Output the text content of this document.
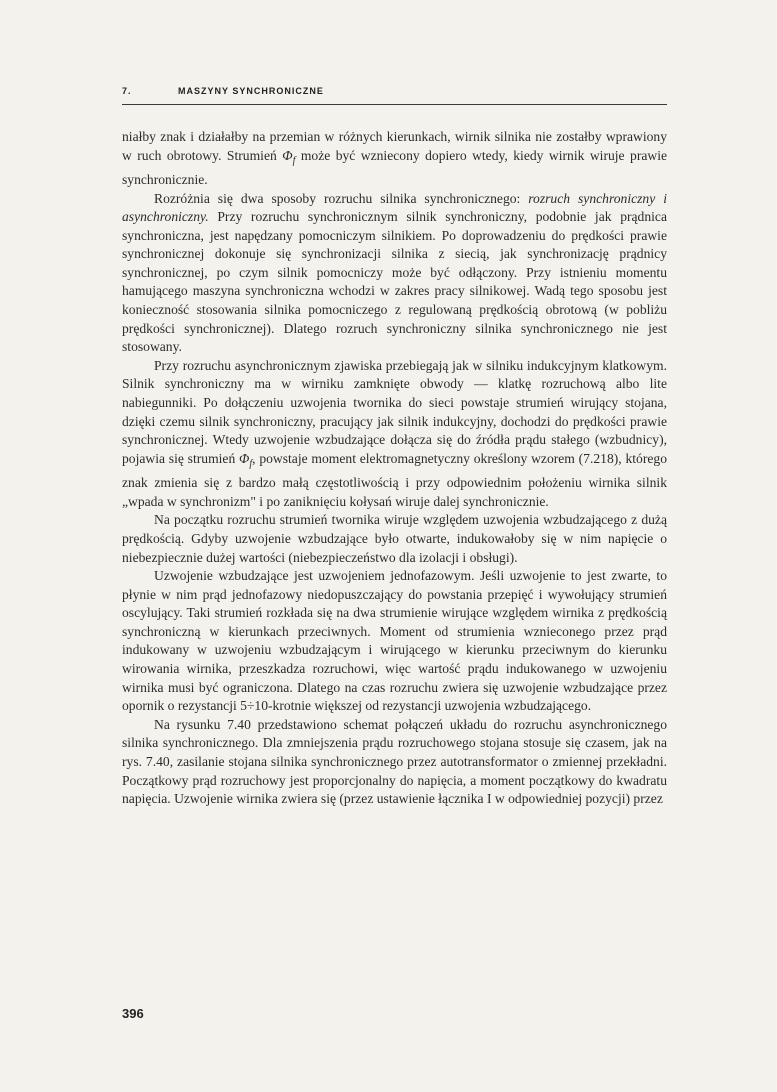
7.	MASZYNY SYNCHRONICZNE

niałby znak i działałby na przemian w różnych kierunkach, wirnik silnika nie zostałby wprawiony w ruch obrotowy. Strumień $\Phi_f$ może być wzniecony dopiero wtedy, kiedy wirnik wiruje prawie synchronicznie.

Rozróżnia się dwa sposoby rozruchu silnika synchronicznego: rozruch synchroniczny i asynchroniczny. Przy rozruchu synchronicznym silnik synchroniczny, podobnie jak prądnica synchroniczna, jest napędzany pomocniczym silnikiem. Po doprowadzeniu do prędkości prawie synchronicznej dokonuje się synchronizacji silnika z siecią, jak synchronizację prądnicy synchronicznej, po czym silnik pomocniczy może być odłączony. Przy istnieniu momentu hamującego maszyna synchroniczna wchodzi w zakres pracy silnikowej. Wadą tego sposobu jest konieczność stosowania silnika pomocniczego z regulowaną prędkością obrotową (w pobliżu prędkości synchronicznej). Dlatego rozruch synchroniczny silnika synchronicznego nie jest stosowany.

Przy rozruchu asynchronicznym zjawiska przebiegają jak w silniku indukcyjnym klatkowym. Silnik synchroniczny ma w wirniku zamknięte obwody — klatkę rozruchową albo lite nabiegunniki. Po dołączeniu uzwojenia twornika do sieci powstaje strumień wirujący stojana, dzięki czemu silnik synchroniczny, pracujący jak silnik indukcyjny, dochodzi do prędkości prawie synchronicznej. Wtedy uzwojenie wzbudzające dołącza się do źródła prądu stałego (wzbudnicy), pojawia się strumień $\Phi_f$, powstaje moment elektromagnetyczny określony wzorem (7.218), którego znak zmienia się z bardzo małą częstotliwością i przy odpowiednim położeniu wirnika silnik „wpada w synchronizm" i po zaniknięciu kołysań wiruje dalej synchronicznie.

Na początku rozruchu strumień twornika wiruje względem uzwojenia wzbudzającego z dużą prędkością. Gdyby uzwojenie wzbudzające było otwarte, indukowałoby się w nim napięcie o niebezpiecznie dużej wartości (niebezpieczeństwo dla izolacji i obsługi).

Uzwojenie wzbudzające jest uzwojeniem jednofazowym. Jeśli uzwojenie to jest zwarte, to płynie w nim prąd jednofazowy niedopuszczający do powstania przepięć i wywołujący strumień oscylujący. Taki strumień rozkłada się na dwa strumienie wirujące względem wirnika z prędkością synchroniczną w kierunkach przeciwnych. Moment od strumienia wznieconego przez prąd indukowany w uzwojeniu wzbudzającym i wirującego w kierunku przeciwnym do kierunku wirowania wirnika, przeszkadza rozruchowi, więc wartość prądu indukowanego w uzwojeniu wirnika musi być ograniczona. Dlatego na czas rozruchu zwiera się uzwojenie wzbudzające przez opornik o rezystancji 5÷10-krotnie większej od rezystancji uzwojenia wzbudzającego.

Na rysunku 7.40 przedstawiono schemat połączeń układu do rozruchu asynchronicznego silnika synchronicznego. Dla zmniejszenia prądu rozruchowego stojana stosuje się czasem, jak na rys. 7.40, zasilanie stojana silnika synchronicznego przez autotransformator o zmiennej przekładni. Początkowy prąd rozruchowy jest proporcjonalny do napięcia, a moment początkowy do kwadratu napięcia. Uzwojenie wirnika zwiera się (przez ustawienie łącznika I w odpowiedniej pozycji) przez

396
